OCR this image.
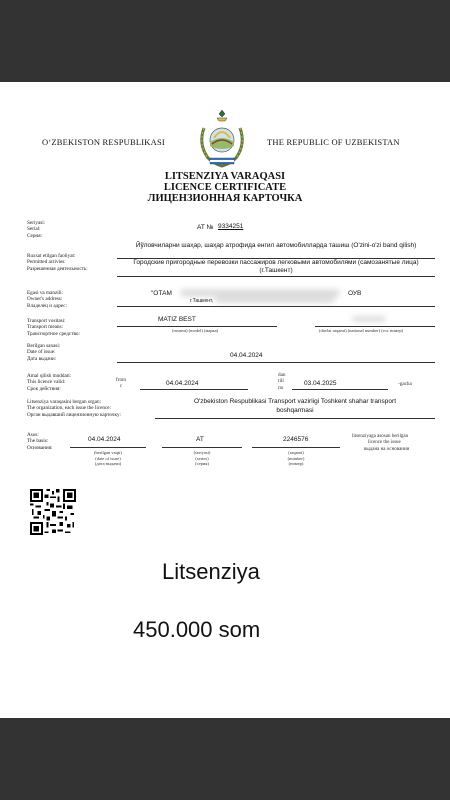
O‘ZBEKISTON RESPUBLIKASI	THE REPUBLIC OF UZBEKISTAN
LITSENZIYA VARAQASI
LICENCE CERTIFICATE
ЛИЦЕНЗИОННАЯ КАРТОЧКА
Seriyasi:
Serial:
Серия:
AT № 9334251
Ruxsat etilgan faoliyat:
Permitted activies:
Разрешенная деятельность:
Йўловчиларни шаҳар, шаҳар атрофида енгил автомобилларда ташиш (O'zini-o'zi band qilish)
Городские пригородные перевозки пассажиров легковыми автомобилями (самозанятые лица) (г.Ташкент)
Egasi va manzili:
Owner's address:
Владелец и адрес:
"ОТАМ	ОУВ
г.Ташкент,
Transport vositasi:
Transport means:
Транспортное средство:
MATIZ BEST
(rusumi) (model) (марка)	(davlat raqami) (national number) (гос номер)
Berilgan sanasi:
Date of issue:
Дата выдачи:	04.04.2024
Amal qilish muddati:
This licence valid:
Срок действия:
from
c	04.04.2024
dan
till
по
03.04.2025	-gacha
Litsenziya varaqasini bergan organ:
The organization, each issue the licence:
Орган выдавший лицензионную карточку:
O'zbekiston Respublikasi Transport vazirligi Toshkent shahar transport
boshqarmasi
Asos:
The basis:
Основания:
04.04.2024	AT	2246576
(berilgan vaqti)
(date of issue)
(дата выдачи)
(seriyasi)
(series)
(серия)
(raqami)
(number)
(номер)
litsenziyaga asosan berilgan
licence the issue
выдана на основании
Litsenziya
450.000 som
